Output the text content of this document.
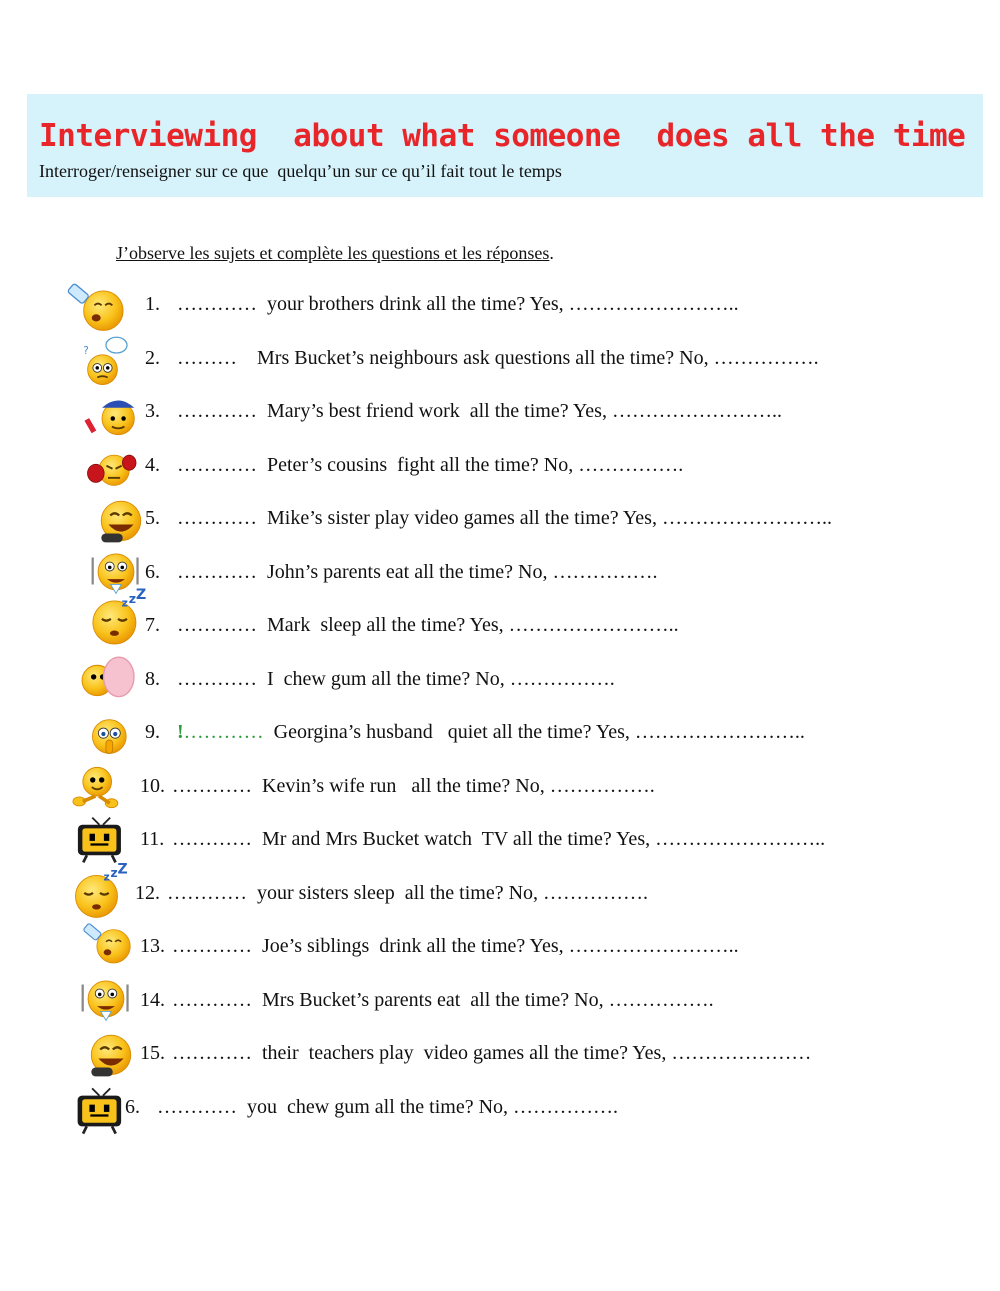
Interviewing  about what someone  does all the time
Interroger/renseigner sur ce que  quelqu’un sur ce qu’il fait tout le temps
J’observe les sujets et complète les questions et les réponses.
1. …………  your brothers drink all the time? Yes, ……………………..
?	2. ………    Mrs Bucket’s neighbours ask questions all the time? No, …………….
3. …………  Mary’s best friend work  all the time? Yes, ……………………..
4. …………  Peter’s cousins  fight all the time? No, …………….
5. …………  Mike’s sister play video games all the time? Yes, ……………………..
6. …………  John’s parents eat all the time? No, …………….
z z Z
7. …………  Mark  sleep all the time? Yes, ……………………..
8. …………  I  chew gum all the time? No, …………….
9. !…………  Georgina’s husband   quiet all the time? Yes, ……………………..
10. …………  Kevin’s wife run   all the time? No, …………….
11. …………  Mr and Mrs Bucket watch  TV all the time? Yes, ……………………..
z z Z
12. …………  your sisters sleep  all the time? No, …………….
13. …………  Joe’s siblings  drink all the time? Yes, ……………………..
14. …………  Mrs Bucket’s parents eat  all the time? No, …………….
15. …………  their  teachers play  video games all the time? Yes, …………………
6. …………  you  chew gum all the time? No, …………….
